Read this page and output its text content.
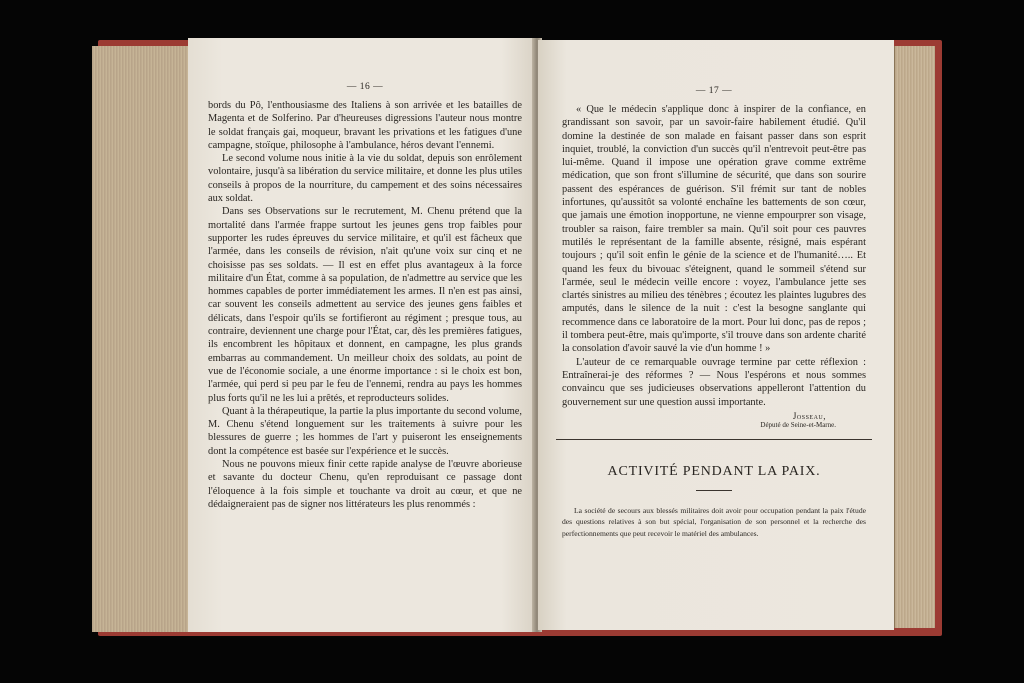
— 16 —

bords du Pô, l'enthousiasme des Italiens à son arrivée et les batailles de Magenta et de Solferino. Par d'heureuses digressions l'auteur nous montre le soldat français gai, moqueur, bravant les privations et les fatigues d'une campagne, stoïque, philosophe à l'ambulance, héros devant l'ennemi.

Le second volume nous initie à la vie du soldat, depuis son enrôlement volontaire, jusqu'à sa libération du service militaire, et donne les plus utiles conseils à propos de la nourriture, du campement et des soins nécessaires aux soldat.

Dans ses Observations sur le recrutement, M. Chenu prétend que la mortalité dans l'armée frappe surtout les jeunes gens trop faibles pour supporter les rudes épreuves du service militaire, et qu'il est fâcheux que l'armée, dans les conseils de révision, n'ait qu'une voix sur cinq et ne choisisse pas ses soldats. — Il est en effet plus avantageux à la force militaire d'un État, comme à sa population, de n'admettre au service que les hommes capables de porter immédiatement les armes. Il n'en est pas ainsi, car souvent les conseils admettent au service des jeunes gens faibles et délicats, dans l'espoir qu'ils se fortifieront au régiment ; presque tous, au contraire, deviennent une charge pour l'État, car, dès les premières fatigues, ils encombrent les hôpitaux et donnent, en campagne, les plus grands embarras au commandement. Un meilleur choix des soldats, au point de vue de l'économie sociale, a une énorme importance : si le choix est bon, l'armée, qui perd si peu par le feu de l'ennemi, rendra au pays les hommes plus forts qu'il ne les lui a prêtés, et reproducteurs solides.

Quant à la thérapeutique, la partie la plus importante du second volume, M. Chenu s'étend longuement sur les traitements à suivre pour les blessures de guerre ; les hommes de l'art y puiseront les enseignements dont la compétence est basée sur l'expérience et le succès.

Nous ne pouvons mieux finir cette rapide analyse de l'œuvre aborieuse et savante du docteur Chenu, qu'en reproduisant ce passage dont l'éloquence à la fois simple et touchante va droit au cœur, et que ne dédaigneraient pas de signer nos littérateurs les plus renommés :

— 17 —

« Que le médecin s'applique donc à inspirer de la confiance, en grandissant son savoir, par un savoir-faire habilement étudié. Qu'il domine la destinée de son malade en faisant passer dans son esprit inquiet, troublé, la conviction d'un succès qu'il n'entrevoit peut-être pas lui-même. Quand il impose une opération grave comme extrême médication, que son front s'illumine de sécurité, que dans son sourire passent des espérances de guérison. S'il frémit sur tant de nobles infortunes, qu'aussitôt sa volonté enchaîne les battements de son cœur, que jamais une émotion inopportune, ne vienne empourprer son visage, troubler sa raison, faire trembler sa main. Qu'il soit pour ces pauvres mutilés le représentant de la famille absente, résigné, mais espérant toujours ; qu'il soit enfin le génie de la science et de l'humanité….. Et quand les feux du bivouac s'éteignent, quand le sommeil s'étend sur l'armée, seul le médecin veille encore : voyez, l'ambulance jette ses clartés sinistres au milieu des ténèbres ; écoutez les plaintes lugubres des amputés, dans le silence de la nuit : c'est la besogne sanglante qui recommence dans ce laboratoire de la mort. Pour lui donc, pas de repos ; il tombera peut-être, mais qu'importe, s'il trouve dans son ardente charité la consolation d'avoir sauvé la vie d'un homme ! »

L'auteur de ce remarquable ouvrage termine par cette réflexion : Entraînerai-je des réformes ? — Nous l'espérons et nous sommes convaincu que ses judicieuses observations appelleront l'attention du gouvernement sur une question aussi importante.

Josseau,
Député de Seine-et-Marne.
ACTIVITÉ PENDANT LA PAIX.

La société de secours aux blessés militaires doit avoir pour occupation pendant la paix l'étude des questions relatives à son but spécial, l'organisation de son personnel et la recherche des perfectionnements que peut recevoir le matériel des ambulances.
